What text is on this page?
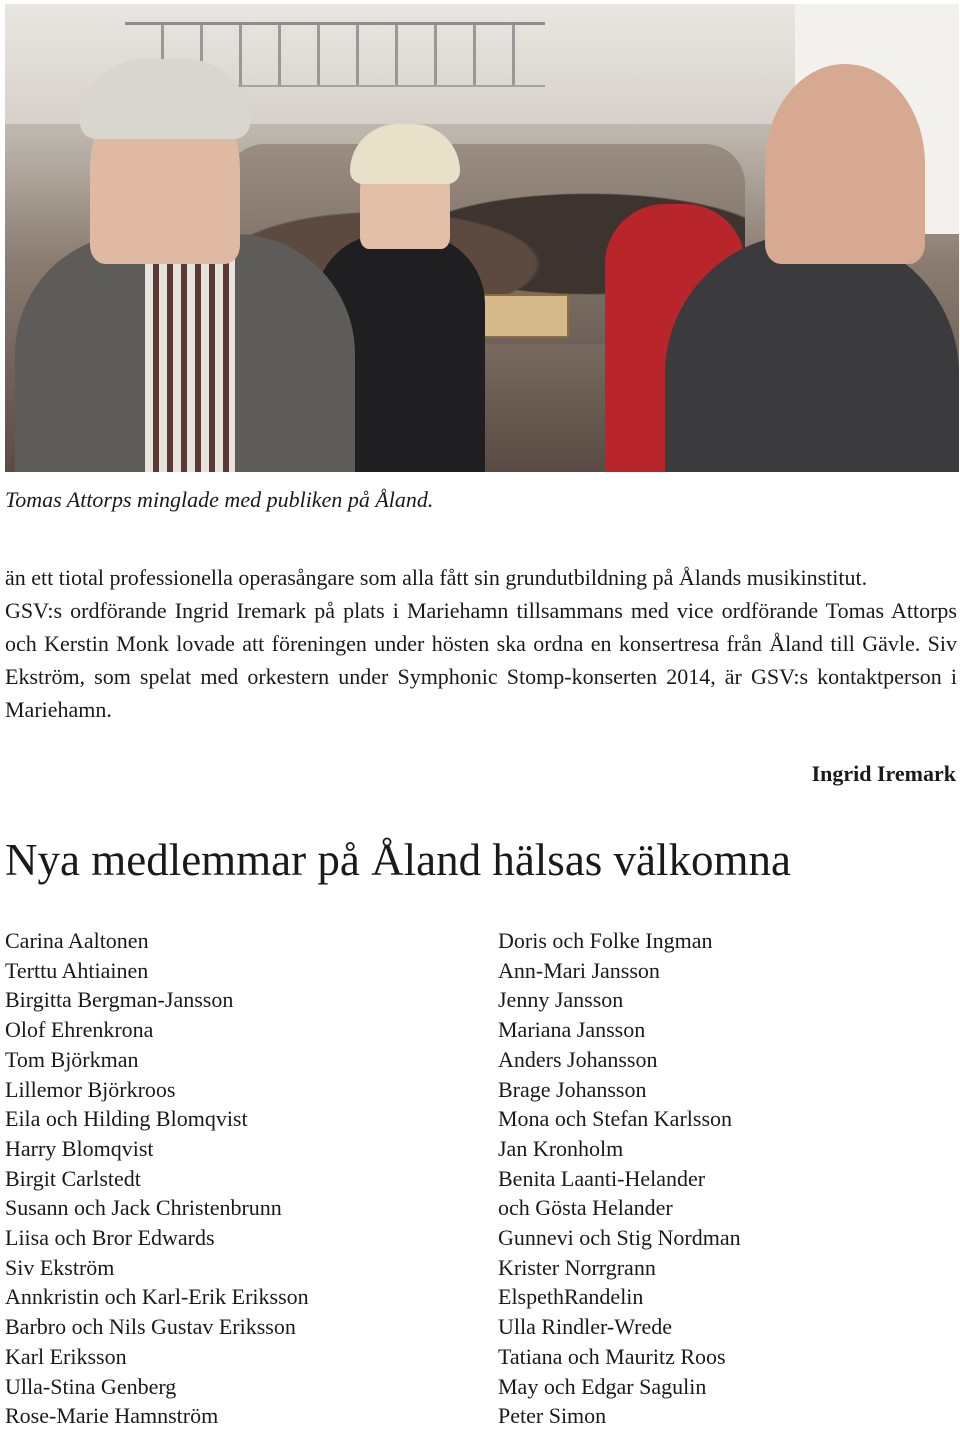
Tomas Attorps minglade med publiken på Åland.

än ett tiotal professionella operasångare som alla fått sin grundutbildning på Ålands musikinstitut.

GSV:s ordförande Ingrid Iremark på plats i Mariehamn tillsammans med vice ordförande Tomas Attorps och Kerstin Monk lovade att föreningen under hösten ska ordna en konsertresa från Åland till Gävle. Siv Ekström, som spelat med orkestern under Symphonic Stomp-konserten 2014, är GSV:s kontaktperson i Mariehamn.

Ingrid Iremark
Nya medlemmar på Åland hälsas välkomna
Carina Aaltonen
Terttu Ahtiainen
Birgitta Bergman-Jansson
Olof Ehrenkrona
Tom Björkman
Lillemor Björkroos
Eila och Hilding Blomqvist
Harry Blomqvist
Birgit Carlstedt
Susann och Jack Christenbrunn
Liisa och Bror Edwards
Siv Ekström
Annkristin och Karl-Erik Eriksson
Barbro och Nils Gustav Eriksson
Karl Eriksson
Ulla-Stina Genberg
Rose-Marie Hamnström
Doris och Folke Ingman
Ann-Mari Jansson
Jenny Jansson
Mariana Jansson
Anders Johansson
Brage Johansson
Mona och Stefan Karlsson
Jan Kronholm
Benita Laanti-Helander
och Gösta Helander
Gunnevi och Stig Nordman
Krister Norrgrann
ElspethRandelin
Ulla Rindler-Wrede
Tatiana och Mauritz Roos
May och Edgar Sagulin
Peter Simon
